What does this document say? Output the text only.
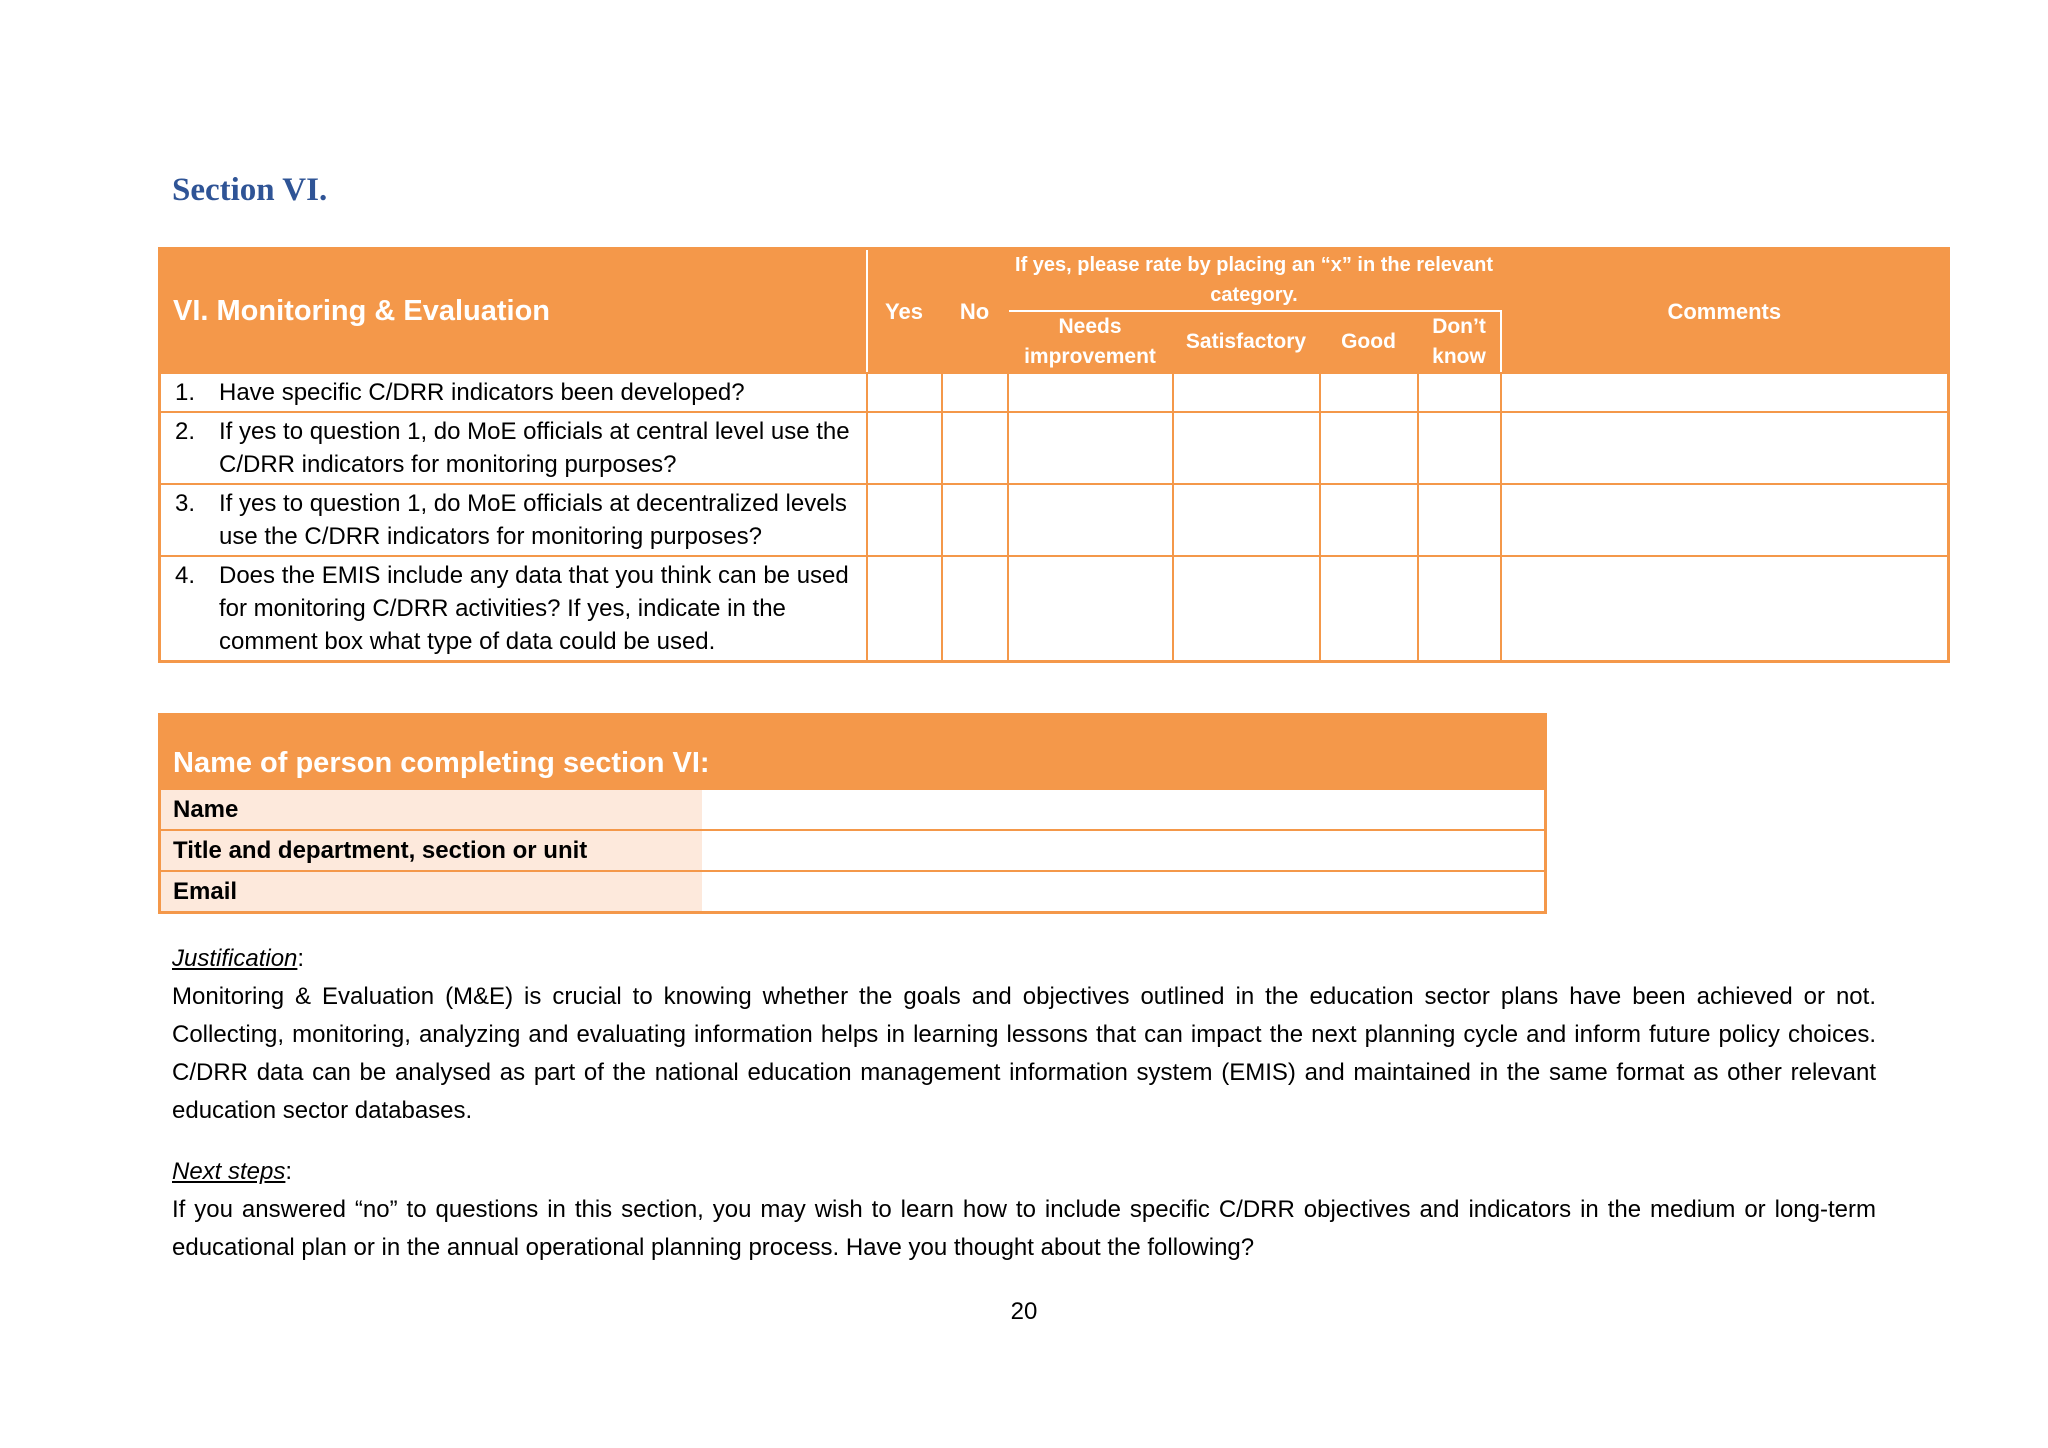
Section VI.
VI. Monitoring & Evaluation	Yes	No	If yes, please rate by placing an “x” in the relevant category.				Comments
			Needs improvement	Satisfactory	Good	Don’t know	

1. Have specific C/DRR indicators been developed?							

2. If yes to question 1, do MoE officials at central level use the C/DRR indicators for monitoring purposes?							

3. If yes to question 1, do MoE officials at decentralized levels use the C/DRR indicators for monitoring purposes?							

4. Does the EMIS include any data that you think can be used for monitoring C/DRR activities? If yes, indicate in the comment box what type of data could be used.							
Name of person completing section VI:	
Name	
Title and department, section or unit	
Email	
Justification:
Monitoring & Evaluation (M&E) is crucial to knowing whether the goals and objectives outlined in the education sector plans have been achieved or not. Collecting, monitoring, analyzing and evaluating information helps in learning lessons that can impact the next planning cycle and inform future policy choices. C/DRR data can be analysed as part of the national education management information system (EMIS) and maintained in the same format as other relevant education sector databases.
Next steps:
If you answered “no” to questions in this section, you may wish to learn how to include specific C/DRR objectives and indicators in the medium or long-term educational plan or in the annual operational planning process. Have you thought about the following?
20
